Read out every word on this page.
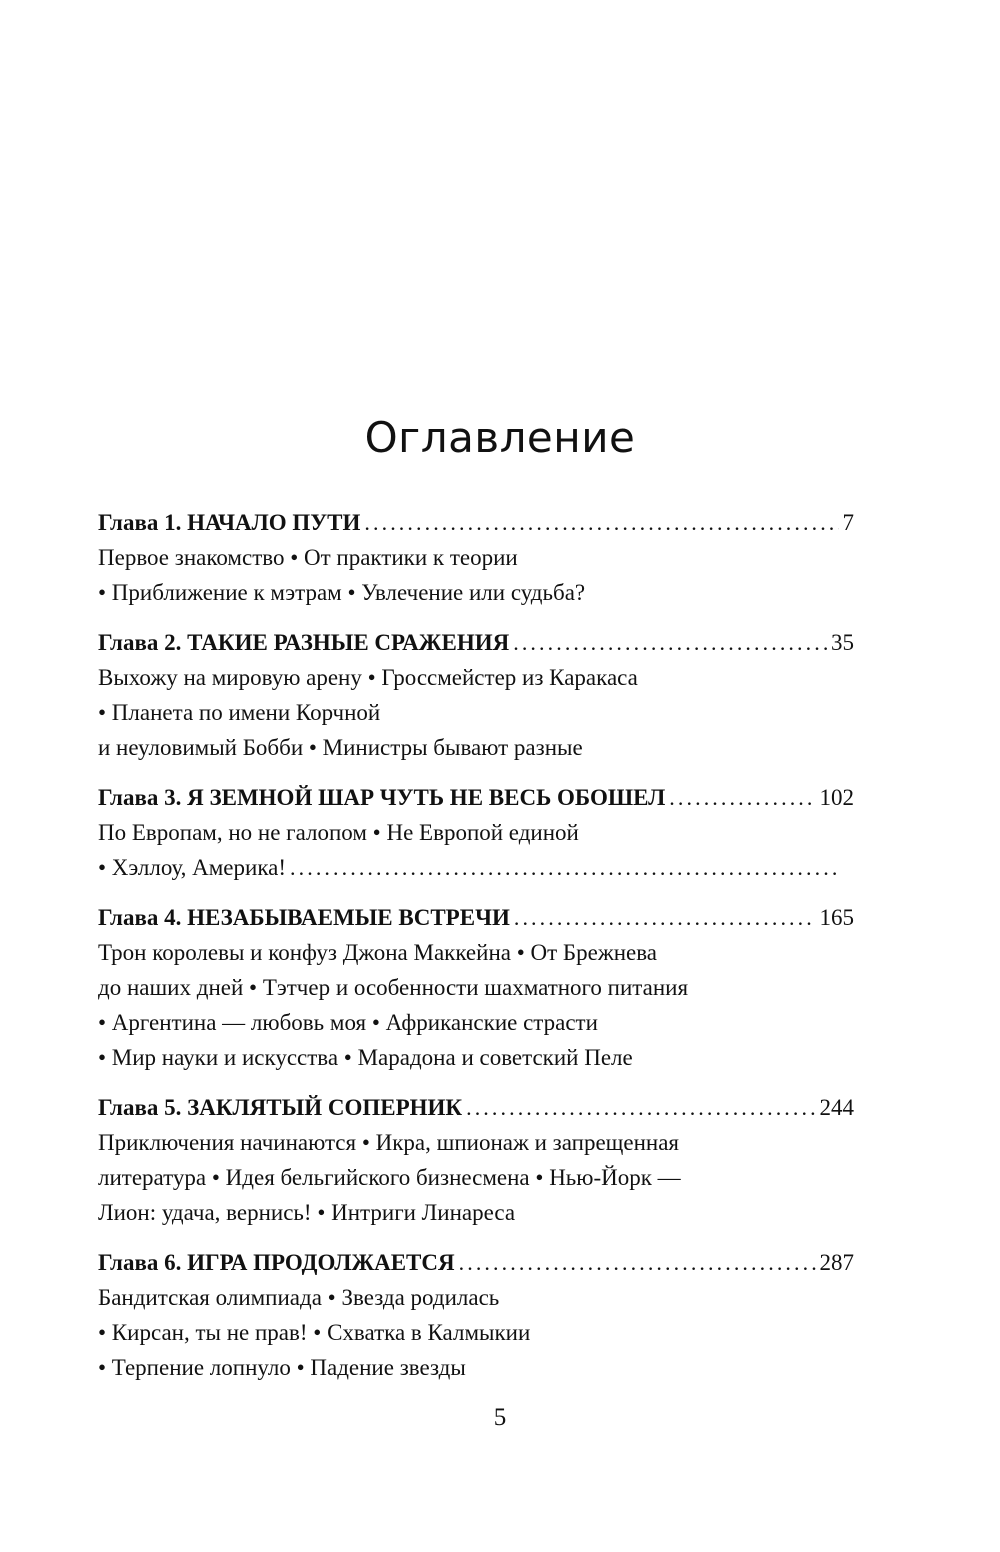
Оглавление
Глава 1. НАЧАЛО ПУТИ . . .	7
Первое знакомство • От практики к теории
• Приближение к мэтрам • Увлечение или судьба?
Глава 2. ТАКИЕ РАЗНЫЕ СРАЖЕНИЯ . . .	35
Выхожу на мировую арену • Гроссмейстер из Каракаса
• Планета по имени Корчной
и неуловимый Бобби • Министры бывают разные
Глава 3. Я ЗЕМНОЙ ШАР ЧУТЬ НЕ ВЕСЬ ОБОШЕЛ . . .	102
По Европам, но не галопом • Не Европой единой
• Хэллоу, Америка!
. . .
Глава 4. НЕЗАБЫВАЕМЫЕ ВСТРЕЧИ . . .	165
Трон королевы и конфуз Джона Маккейна • От Брежнева
до наших дней • Тэтчер и особенности шахматного питания
• Аргентина — любовь моя • Африканские страсти
• Мир науки и искусства • Марадона и советский Пеле
Глава 5. ЗАКЛЯТЫЙ СОПЕРНИК . . .	244
Приключения начинаются • Икра, шпионаж и запрещенная
литература • Идея бельгийского бизнесмена • Нью-Йорк —
Лион: удача, вернись! • Интриги Линареса
Глава 6. ИГРА ПРОДОЛЖАЕТСЯ . . .	287
Бандитская олимпиада • Звезда родилась
• Кирсан, ты не прав! • Схватка в Калмыкии
• Терпение лопнуло • Падение звезды
5
